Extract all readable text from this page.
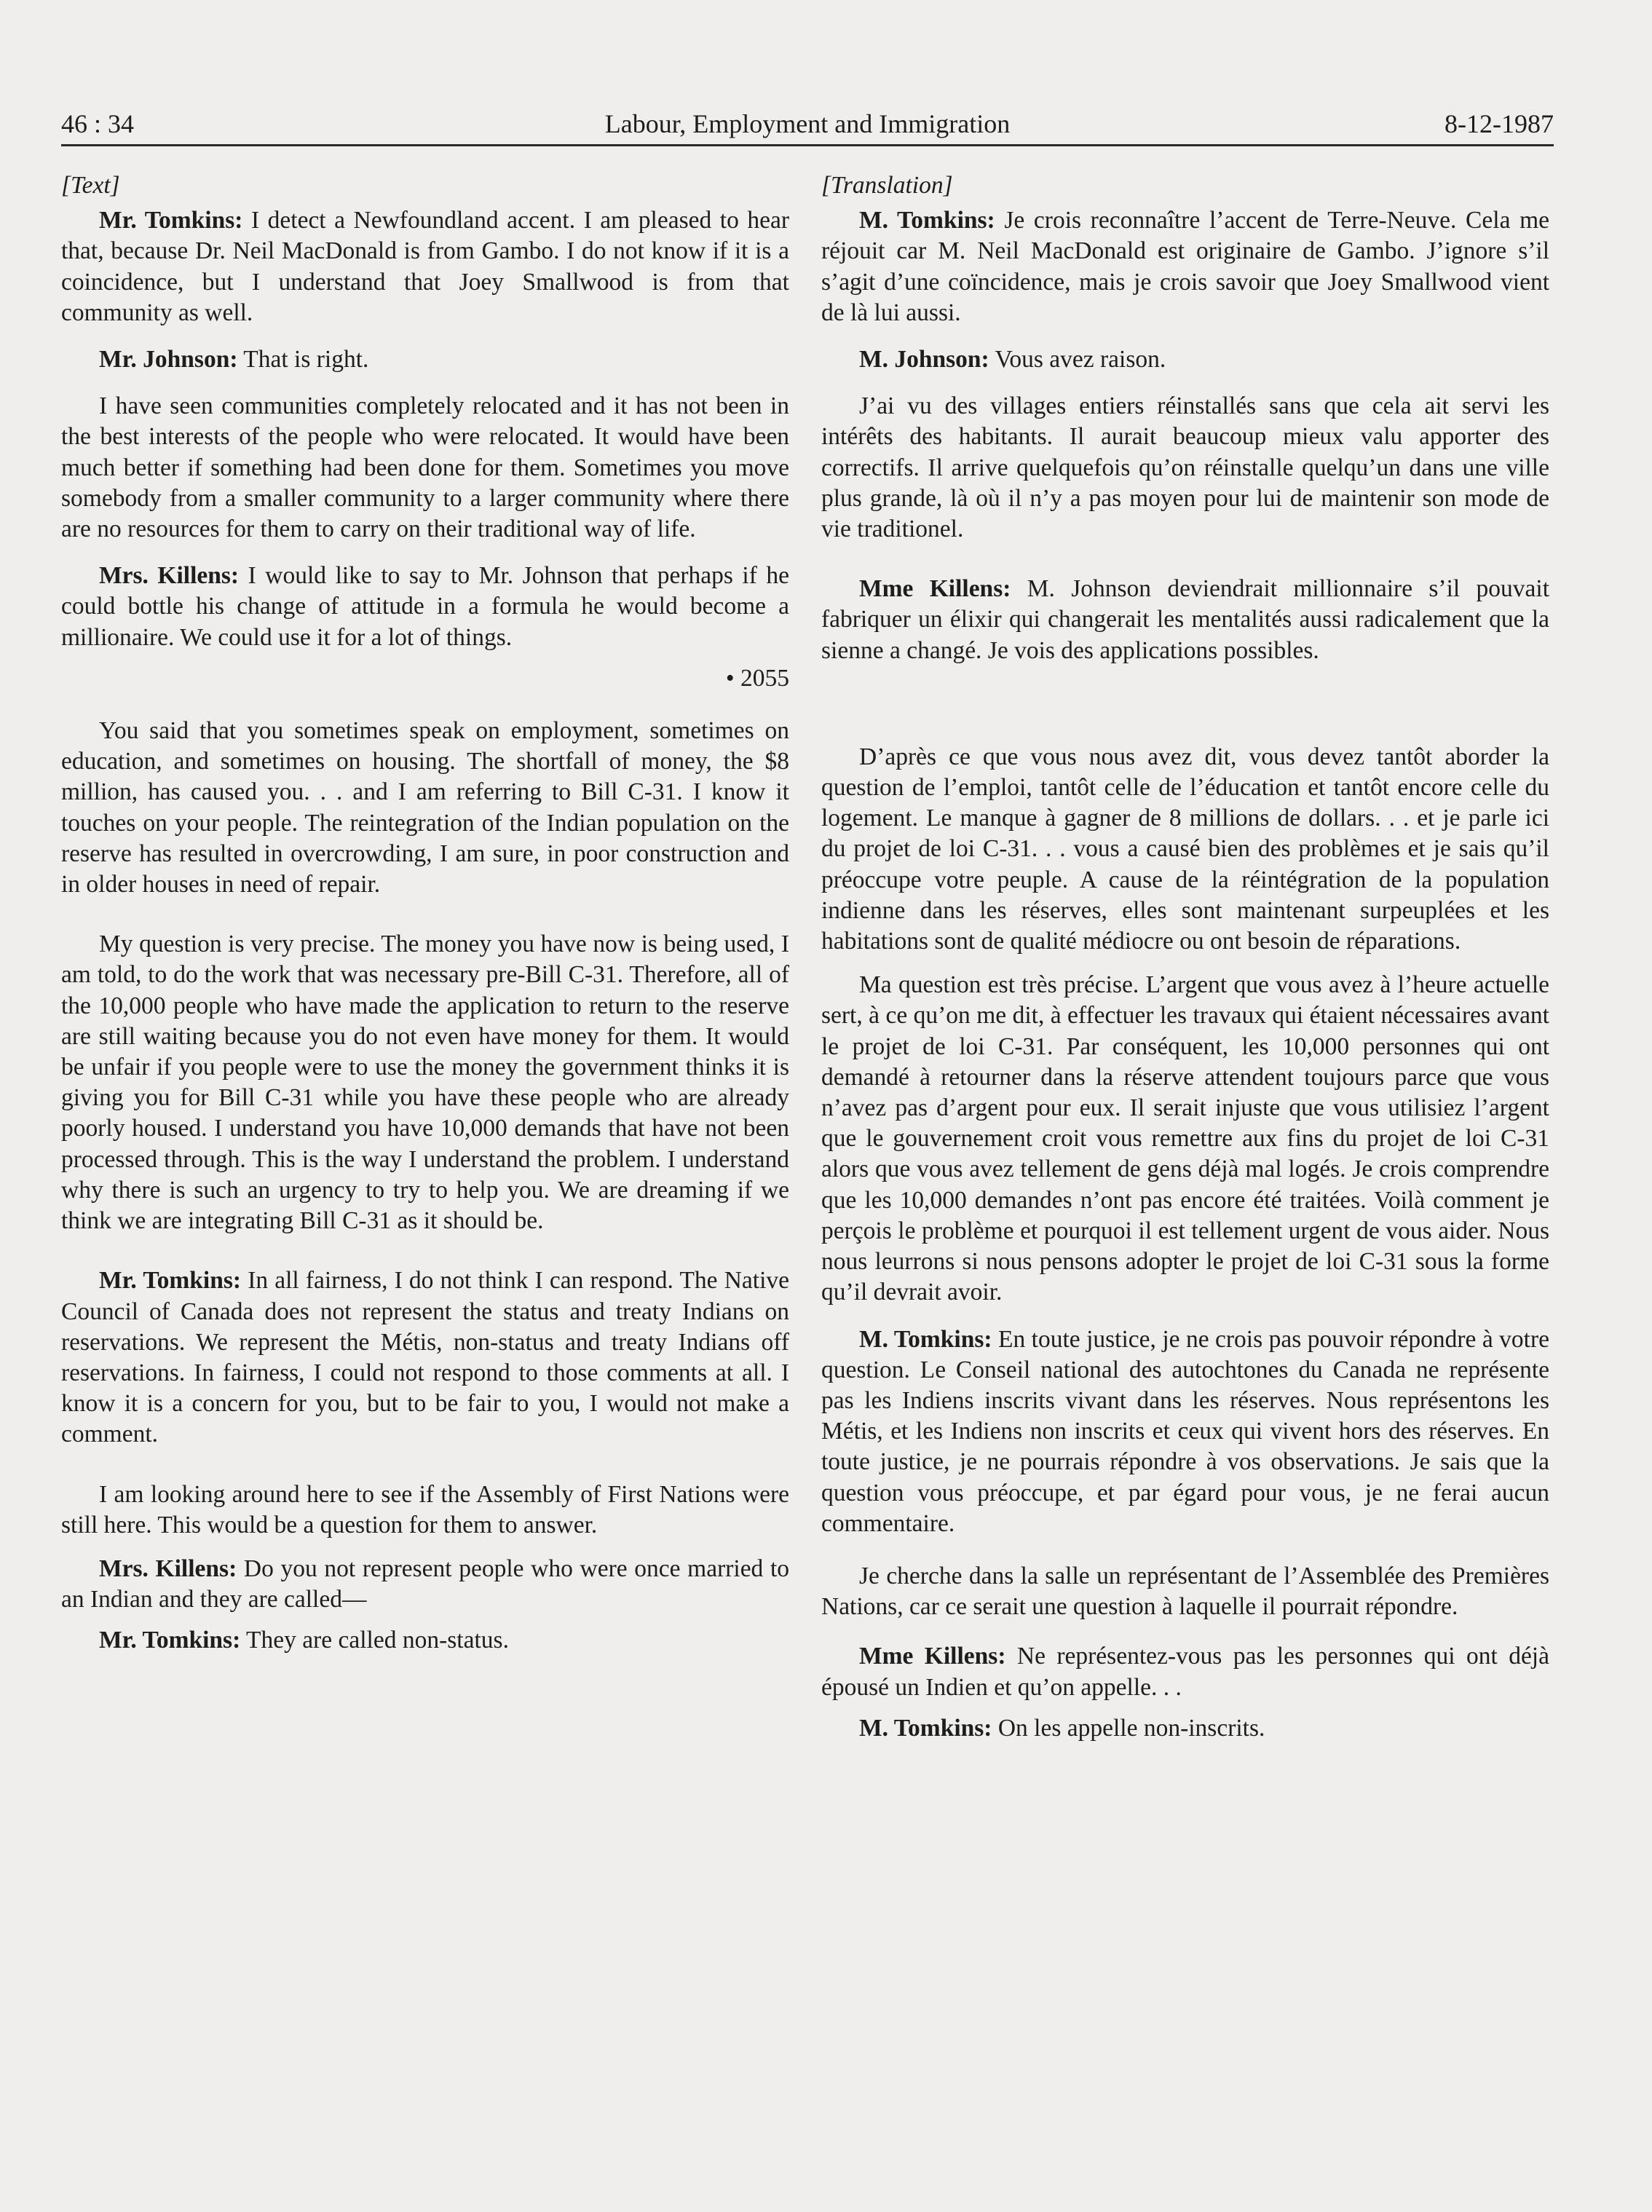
Labour, Employment and Immigration
46 : 34	8-12-1987

[Text]

Mr. Tomkins: I detect a Newfoundland accent. I am pleased to hear that, because Dr. Neil MacDonald is from Gambo. I do not know if it is a coincidence, but I understand that Joey Smallwood is from that community as well.

Mr. Johnson: That is right.

I have seen communities completely relocated and it has not been in the best interests of the people who were relocated. It would have been much better if something had been done for them. Sometimes you move somebody from a smaller community to a larger community where there are no resources for them to carry on their traditional way of life.

Mrs. Killens: I would like to say to Mr. Johnson that perhaps if he could bottle his change of attitude in a formula he would become a millionaire. We could use it for a lot of things.

• 2055

You said that you sometimes speak on employment, sometimes on education, and sometimes on housing. The shortfall of money, the $8 million, has caused you. . . and I am referring to Bill C-31. I know it touches on your people. The reintegration of the Indian population on the reserve has resulted in overcrowding, I am sure, in poor construction and in older houses in need of repair.

My question is very precise. The money you have now is being used, I am told, to do the work that was necessary pre-Bill C-31. Therefore, all of the 10,000 people who have made the application to return to the reserve are still waiting because you do not even have money for them. It would be unfair if you people were to use the money the government thinks it is giving you for Bill C-31 while you have these people who are already poorly housed. I understand you have 10,000 demands that have not been processed through. This is the way I understand the problem. I understand why there is such an urgency to try to help you. We are dreaming if we think we are integrating Bill C-31 as it should be.

Mr. Tomkins: In all fairness, I do not think I can respond. The Native Council of Canada does not represent the status and treaty Indians on reservations. We represent the Métis, non-status and treaty Indians off reservations. In fairness, I could not respond to those comments at all. I know it is a concern for you, but to be fair to you, I would not make a comment.

I am looking around here to see if the Assembly of First Nations were still here. This would be a question for them to answer.

Mrs. Killens: Do you not represent people who were once married to an Indian and they are called—

Mr. Tomkins: They are called non-status.

[Translation]

M. Tomkins: Je crois reconnaître l’accent de Terre-Neuve. Cela me réjouit car M. Neil MacDonald est originaire de Gambo. J’ignore s’il s’agit d’une coïncidence, mais je crois savoir que Joey Smallwood vient de là lui aussi.

M. Johnson: Vous avez raison.

J’ai vu des villages entiers réinstallés sans que cela ait servi les intérêts des habitants. Il aurait beaucoup mieux valu apporter des correctifs. Il arrive quelquefois qu’on réinstalle quelqu’un dans une ville plus grande, là où il n’y a pas moyen pour lui de maintenir son mode de vie traditionel.

Mme Killens: M. Johnson deviendrait millionnaire s’il pouvait fabriquer un élixir qui changerait les mentalités aussi radicalement que la sienne a changé. Je vois des applications possibles.

D’après ce que vous nous avez dit, vous devez tantôt aborder la question de l’emploi, tantôt celle de l’éducation et tantôt encore celle du logement. Le manque à gagner de 8 millions de dollars. . . et je parle ici du projet de loi C-31. . . vous a causé bien des problèmes et je sais qu’il préoccupe votre peuple. A cause de la réintégration de la population indienne dans les réserves, elles sont maintenant surpeuplées et les habitations sont de qualité médiocre ou ont besoin de réparations.

Ma question est très précise. L’argent que vous avez à l’heure actuelle sert, à ce qu’on me dit, à effectuer les travaux qui étaient nécessaires avant le projet de loi C-31. Par conséquent, les 10,000 personnes qui ont demandé à retourner dans la réserve attendent toujours parce que vous n’avez pas d’argent pour eux. Il serait injuste que vous utilisiez l’argent que le gouvernement croit vous remettre aux fins du projet de loi C-31 alors que vous avez tellement de gens déjà mal logés. Je crois comprendre que les 10,000 demandes n’ont pas encore été traitées. Voilà comment je perçois le problème et pourquoi il est tellement urgent de vous aider. Nous nous leurrons si nous pensons adopter le projet de loi C-31 sous la forme qu’il devrait avoir.

M. Tomkins: En toute justice, je ne crois pas pouvoir répondre à votre question. Le Conseil national des autochtones du Canada ne représente pas les Indiens inscrits vivant dans les réserves. Nous représentons les Métis, et les Indiens non inscrits et ceux qui vivent hors des réserves. En toute justice, je ne pourrais répondre à vos observations. Je sais que la question vous préoccupe, et par égard pour vous, je ne ferai aucun commentaire.

Je cherche dans la salle un représentant de l’Assemblée des Premières Nations, car ce serait une question à laquelle il pourrait répondre.

Mme Killens: Ne représentez-vous pas les personnes qui ont déjà épousé un Indien et qu’on appelle. . .

M. Tomkins: On les appelle non-inscrits.
